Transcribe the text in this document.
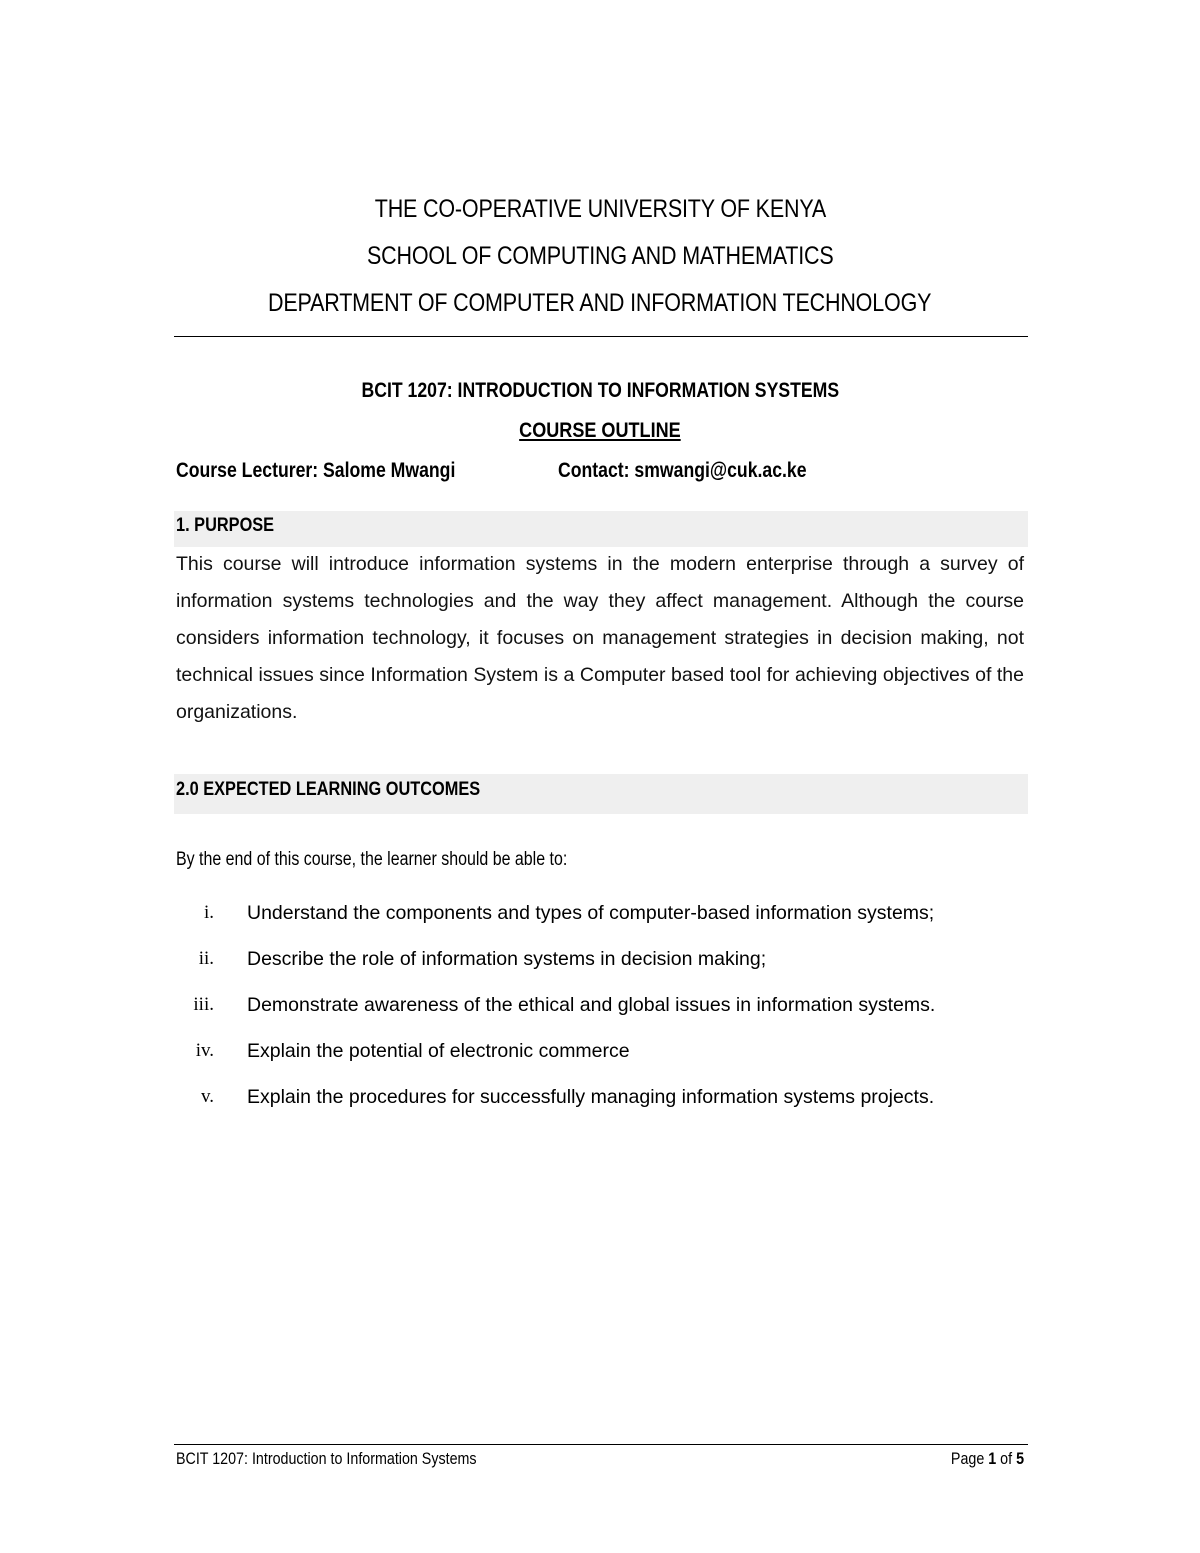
THE CO-OPERATIVE UNIVERSITY OF KENYA
SCHOOL OF COMPUTING AND MATHEMATICS
DEPARTMENT OF COMPUTER AND INFORMATION TECHNOLOGY
BCIT 1207: INTRODUCTION TO INFORMATION SYSTEMS
COURSE OUTLINE
Course Lecturer: Salome Mwangi	Contact: smwangi@cuk.ac.ke
1. PURPOSE
This course will introduce information systems in the modern enterprise through a survey of information systems technologies and the way they affect management. Although the course considers information technology, it focuses on management strategies in decision making, not technical issues since Information System is a Computer based tool for achieving objectives of the organizations.
2.0 EXPECTED LEARNING OUTCOMES
By the end of this course, the learner should be able to:
i. Understand the components and types of computer-based information systems;
ii. Describe the role of information systems in decision making;
iii. Demonstrate awareness of the ethical and global issues in information systems.
iv. Explain the potential of electronic commerce
v. Explain the procedures for successfully managing information systems projects.
BCIT 1207: Introduction to Information Systems	Page 1 of 5
